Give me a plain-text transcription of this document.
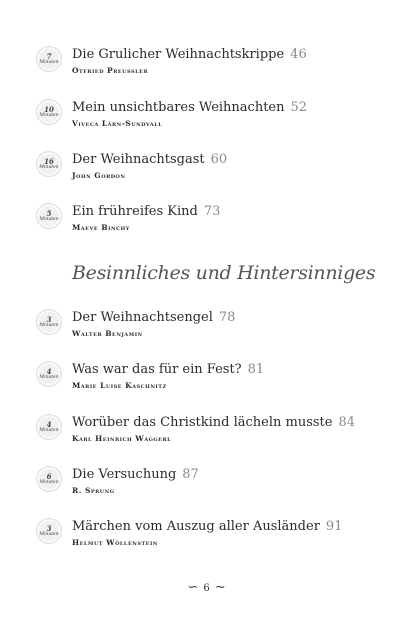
7
Minuten
Die Grulicher Weihnachtskrippe 46
Otfried Preussler
10
Minuten
Mein unsichtbares Weihnachten 52
Viveca Lärn-Sundvall
16
Minuten
Der Weihnachtsgast 60
John Gordon
5
Minuten
Ein frühreifes Kind 73
Maeve Binchy
Besinnliches und Hintersinniges
3
Minuten
Der Weihnachtsengel 78
Walter Benjamin
4
Minuten
Was war das für ein Fest? 81
Marie Luise Kaschnitz
4
Minuten
Worüber das Christkind lächeln musste 84
Karl Heinrich Waggerl
6
Minuten
Die Versuchung 87
R. Sprung
3
Minuten
Märchen vom Auszug aller Ausländer 91
Helmut Wöllenstein
∽ 6 ∼
